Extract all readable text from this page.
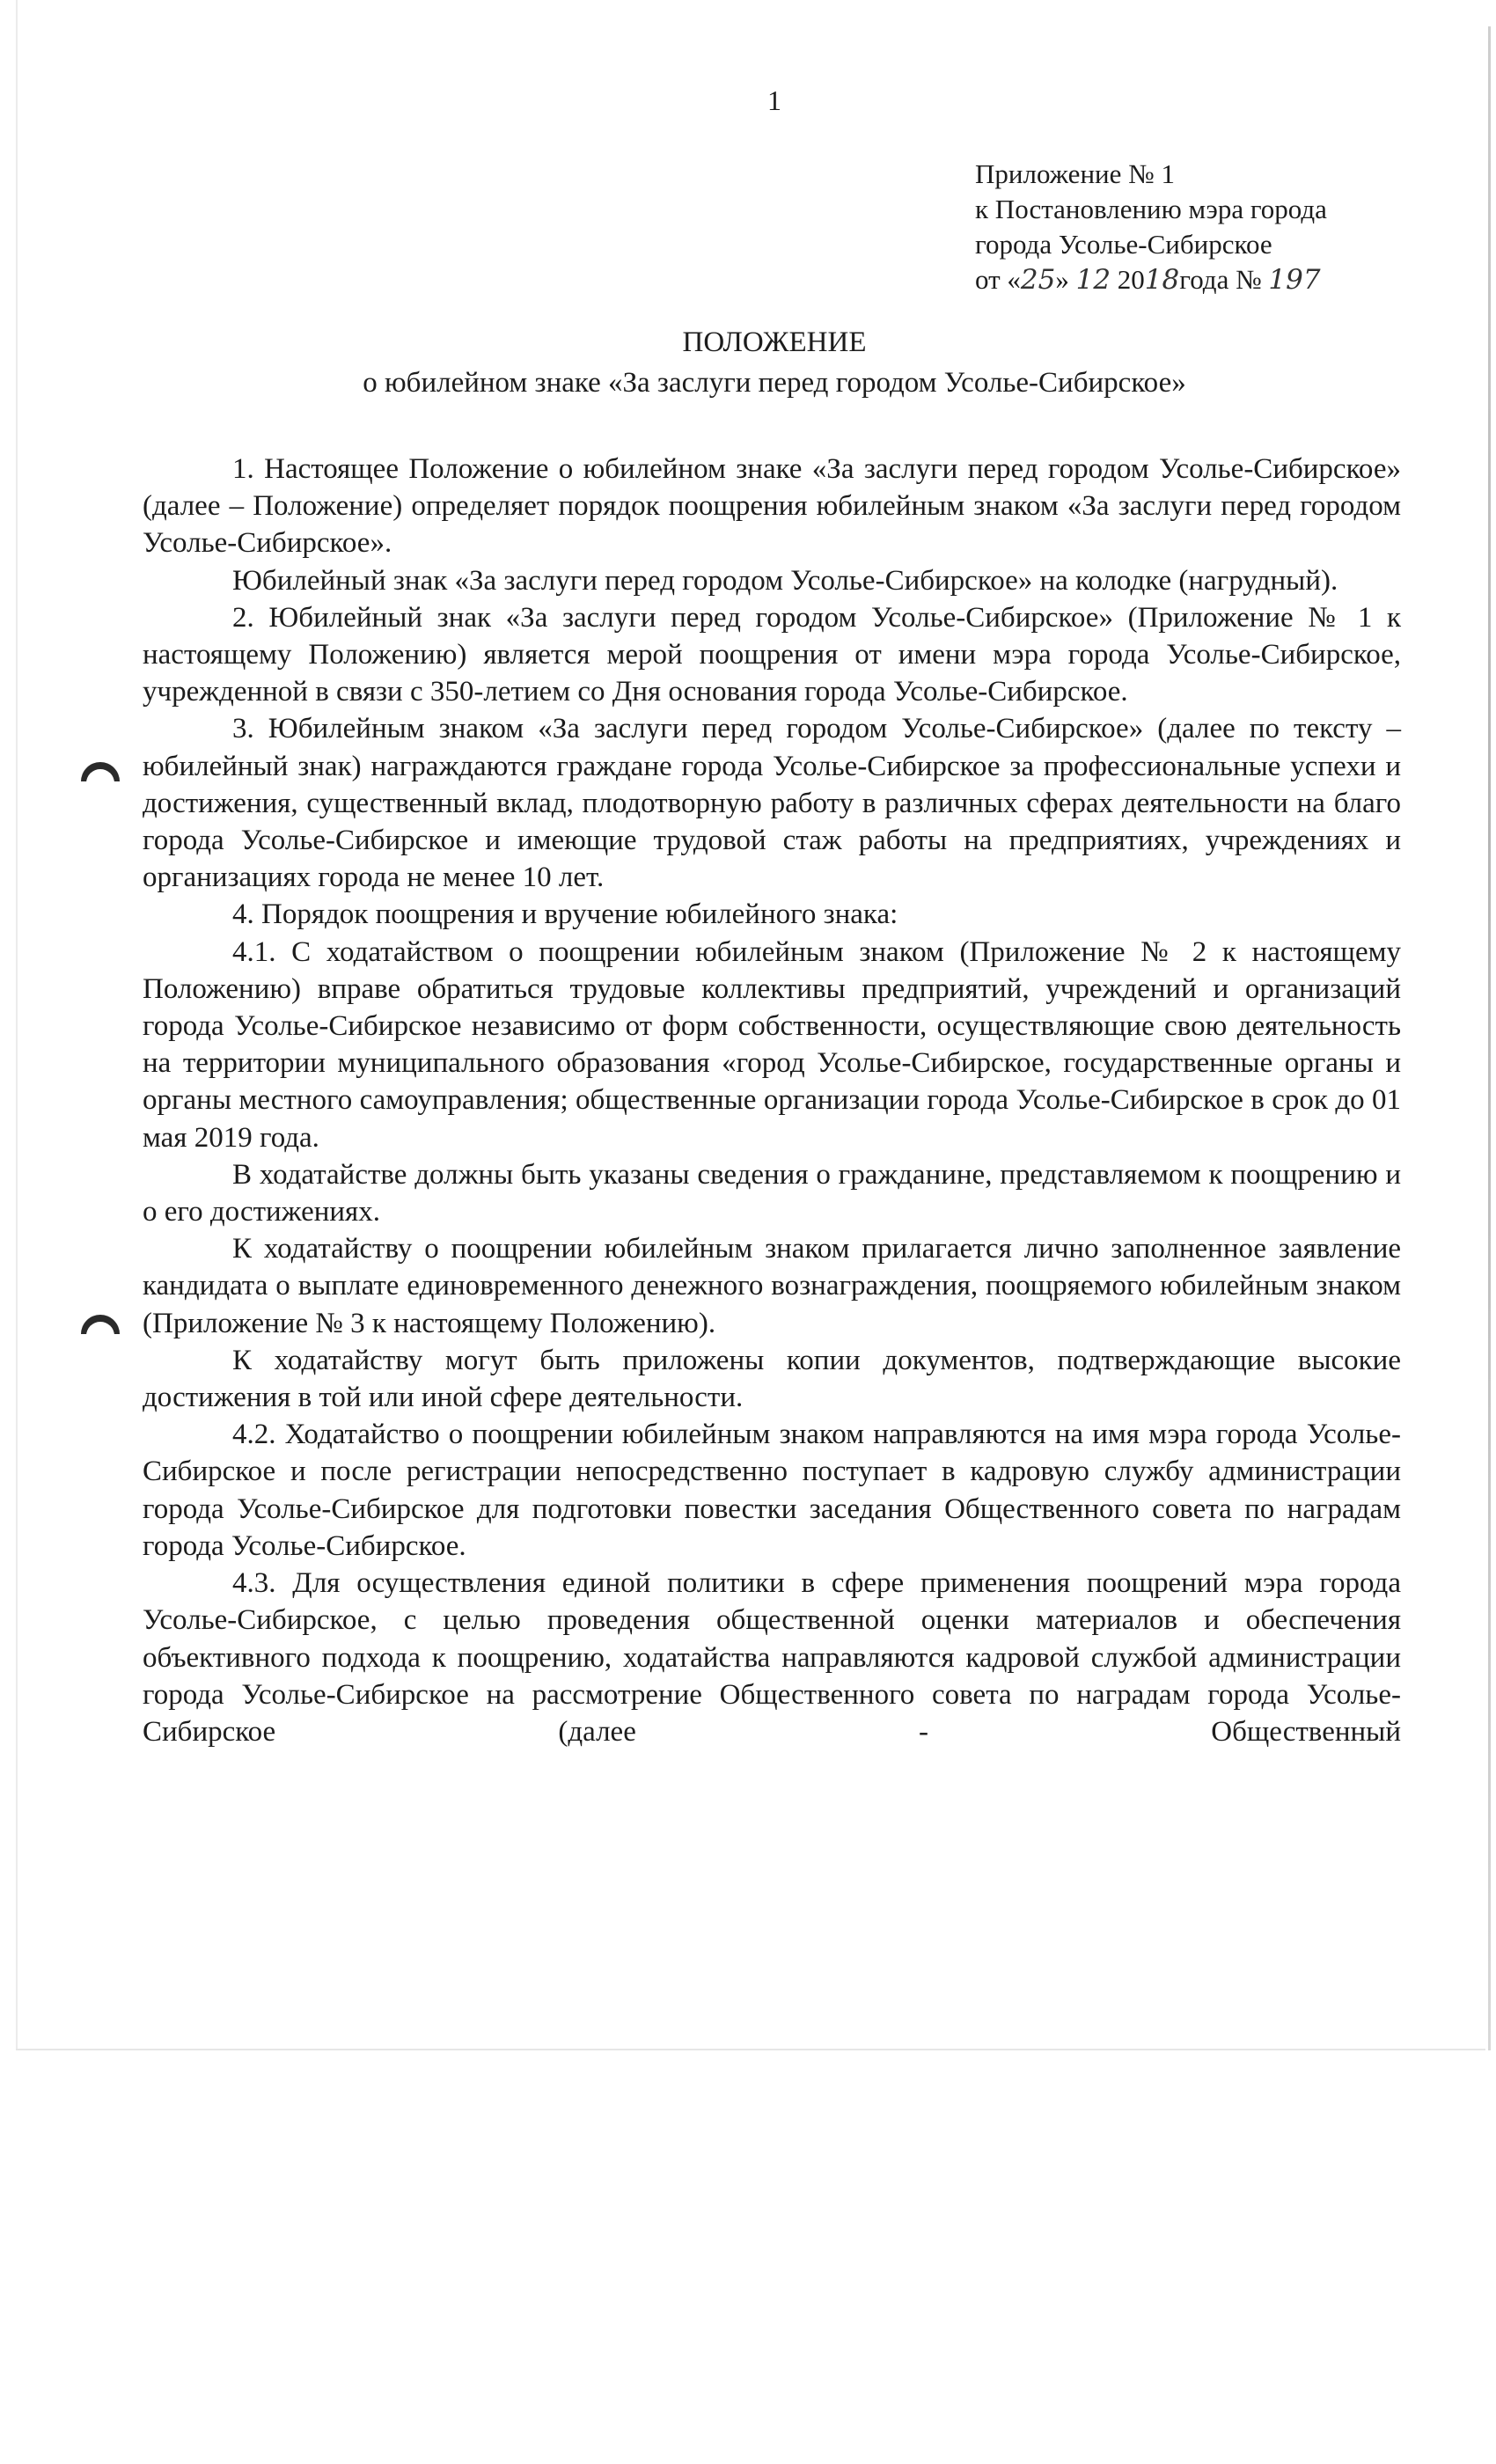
1
Приложение № 1
к Постановлению мэра города
города Усолье-Сибирское
от «25» 12 2018года № 197
ПОЛОЖЕНИЕ
о юбилейном знаке «За заслуги перед городом Усолье-Сибирское»

1. Настоящее Положение о юбилейном знаке «За заслуги перед городом Усолье-Сибирское» (далее – Положение) определяет порядок поощрения юбилейным знаком «За заслуги перед городом Усолье-Сибирское».

Юбилейный знак «За заслуги перед городом Усолье-Сибирское» на колодке (нагрудный).

2. Юбилейный знак «За заслуги перед городом Усолье-Сибирское» (Приложение № 1 к настоящему Положению) является мерой поощрения от имени мэра города Усолье-Сибирское, учрежденной в связи с 350-летием со Дня основания города Усолье-Сибирское.

3. Юбилейным знаком «За заслуги перед городом Усолье-Сибирское» (далее по тексту – юбилейный знак) награждаются граждане города Усолье-Сибирское за профессиональные успехи и достижения, существенный вклад, плодотворную работу в различных сферах деятельности на благо города Усолье-Сибирское и имеющие трудовой стаж работы на предприятиях, учреждениях и организациях города не менее 10 лет.

4. Порядок поощрения и вручение юбилейного знака:

4.1. С ходатайством о поощрении юбилейным знаком (Приложение № 2 к настоящему Положению) вправе обратиться трудовые коллективы предприятий, учреждений и организаций города Усолье-Сибирское независимо от форм собственности, осуществляющие свою деятельность на территории муниципального образования «город Усолье-Сибирское, государственные органы и органы местного самоуправления; общественные организации города Усолье-Сибирское в срок до 01 мая 2019 года.

В ходатайстве должны быть указаны сведения о гражданине, представляемом к поощрению и о его достижениях.

К ходатайству о поощрении юбилейным знаком прилагается лично заполненное заявление кандидата о выплате единовременного денежного вознаграждения, поощряемого юбилейным знаком (Приложение № 3 к настоящему Положению).

К ходатайству могут быть приложены копии документов, подтверждающие высокие достижения в той или иной сфере деятельности.

4.2. Ходатайство о поощрении юбилейным знаком направляются на имя мэра города Усолье-Сибирское и после регистрации непосредственно поступает в кадровую службу администрации города Усолье-Сибирское для подготовки повестки заседания Общественного совета по наградам города Усолье-Сибирское.

4.3. Для осуществления единой политики в сфере применения поощрений мэра города Усолье-Сибирское, с целью проведения общественной оценки материалов и обеспечения объективного подхода к поощрению, ходатайства направляются кадровой службой администрации города Усолье-Сибирское на рассмотрение Общественного совета по наградам города Усолье-Сибирское (далее - Общественный
